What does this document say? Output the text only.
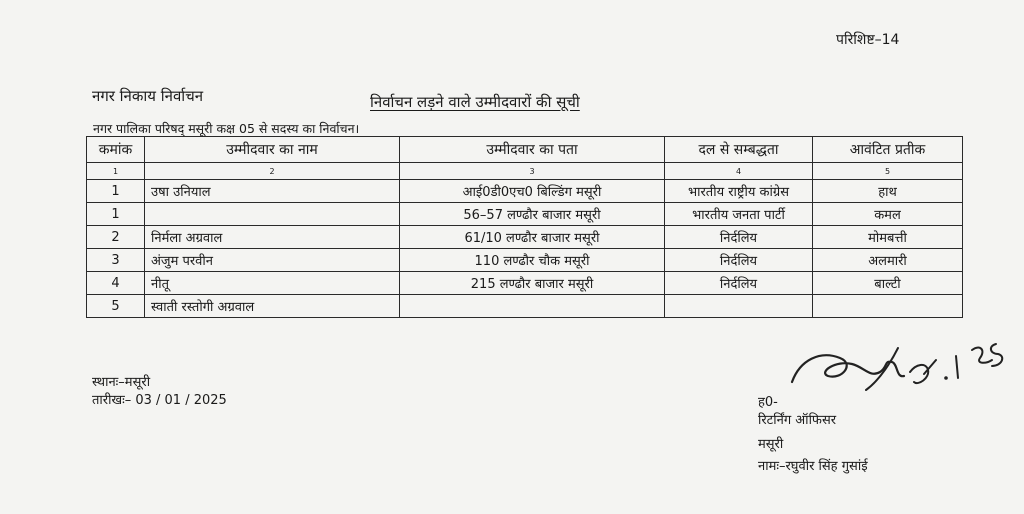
परिशिष्ट–14
नगर निकाय निर्वाचन	निर्वाचन लड़ने वाले उम्मीदवारों की सूची
नगर पालिका परिषद् मसूरी कक्ष 05 से सदस्य का निर्वाचन।
कमांक	उम्मीदवार का नाम	उम्मीदवार का पता	दल से सम्बद्धता	आवंटित प्रतीक
1	2	3	4	5
1	उषा उनियाल	आई0डी0एच0 बिल्डिंग मसूरी	भारतीय राष्ट्रीय कांग्रेस	हाथ
1		56–57 लण्ढौर बाजार मसूरी	भारतीय जनता पार्टी	कमल
2	निर्मला अग्रवाल	61/10 लण्ढौर बाजार मसूरी	निर्दलिय	मोमबत्ती
3	अंजुम परवीन	110 लण्ढौर चौक मसूरी	निर्दलिय	अलमारी
4	नीतू	215 लण्ढौर बाजार मसूरी	निर्दलिय	बाल्टी
5	स्वाती रस्तोगी अग्रवाल			
स्थानः–मसूरी
तारीखः– 03 / 01 / 2025	ह0-
रिटर्निंग ऑफिसर
मसूरी
नामः–रघुवीर सिंह गुसांई
